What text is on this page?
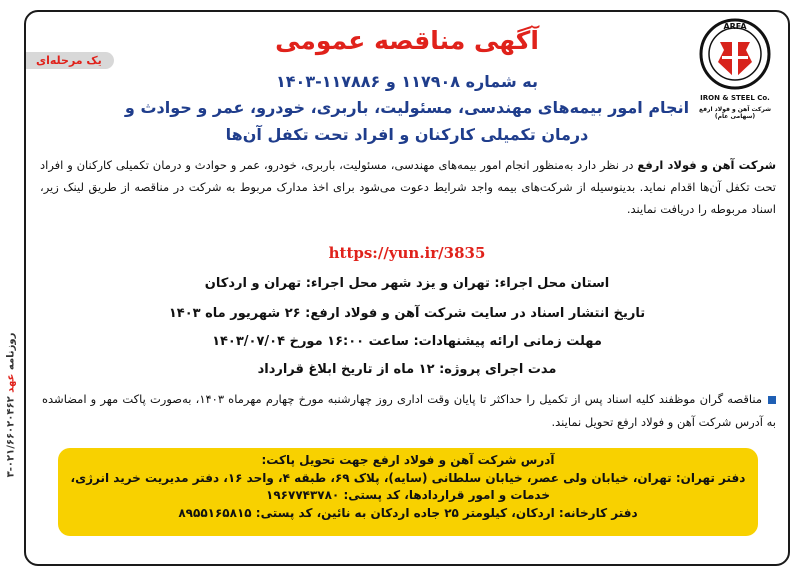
روزنامه عهد ۰۲۱/۶۶۰۲۰۴۶۲-۳
ARFA
IRON & STEEL Co.
شرکت آهن و فولاد ارفع (سهامی عام)
آگهی مناقصه عمومی
یک مرحله‌ای
به شماره ۱۱۷۹۰۸ و ۱۱۷۸۸۶-۱۴۰۳
انجام امور بیمه‌های مهندسی، مسئولیت، باربری، خودرو، عمر و حوادث و
درمان تکمیلی کارکنان و افراد تحت تکفل آن‌ها
شرکت آهن و فولاد ارفع در نظر دارد به‌منظور انجام امور بیمه‌های مهندسی، مسئولیت، باربری، خودرو، عمر و حوادث و درمان تکمیلی کارکنان و افراد تحت تکفل آن‌ها اقدام نماید. بدینوسیله از شرکت‌های بیمه واجد شرایط دعوت می‌شود برای اخذ مدارک مربوط به شرکت در مناقصه از طریق لینک زیر، اسناد مربوطه را دریافت نمایند.
https://yun.ir/3835
استان محل اجراء: تهران و یزد شهر محل اجراء: تهران و اردکان
تاریخ انتشار اسناد در سایت شرکت آهن و فولاد ارفع: ۲۶ شهریور ماه ۱۴۰۳
مهلت زمانی ارائه پیشنهادات: ساعت ۱۶:۰۰ مورخ ۱۴۰۳/۰۷/۰۴
مدت اجرای پروژه: ۱۲ ماه از تاریخ ابلاغ قرارداد
مناقصه گران موظفند کلیه اسناد پس از تکمیل را حداکثر تا پایان وقت اداری روز چهارشنبه مورخ چهارم مهرماه ۱۴۰۳، به‌صورت پاکت مهر و امضاشده به آدرس شرکت آهن و فولاد ارفع تحویل نمایند.
آدرس شرکت آهن و فولاد ارفع جهت تحویل پاکت:
دفتر تهران: تهران، خیابان ولی عصر، خیابان سلطانی (سایه)، پلاک ۶۹، طبقه ۴، واحد ۱۶، دفتر مدیریت خرید انرژی،
خدمات و امور قراردادها، کد پستی: ۱۹۶۷۷۴۳۷۸۰
دفتر کارخانه: اردکان، کیلومتر ۲۵ جاده اردکان به نائین، کد پستی: ۸۹۵۵۱۶۵۸۱۵
